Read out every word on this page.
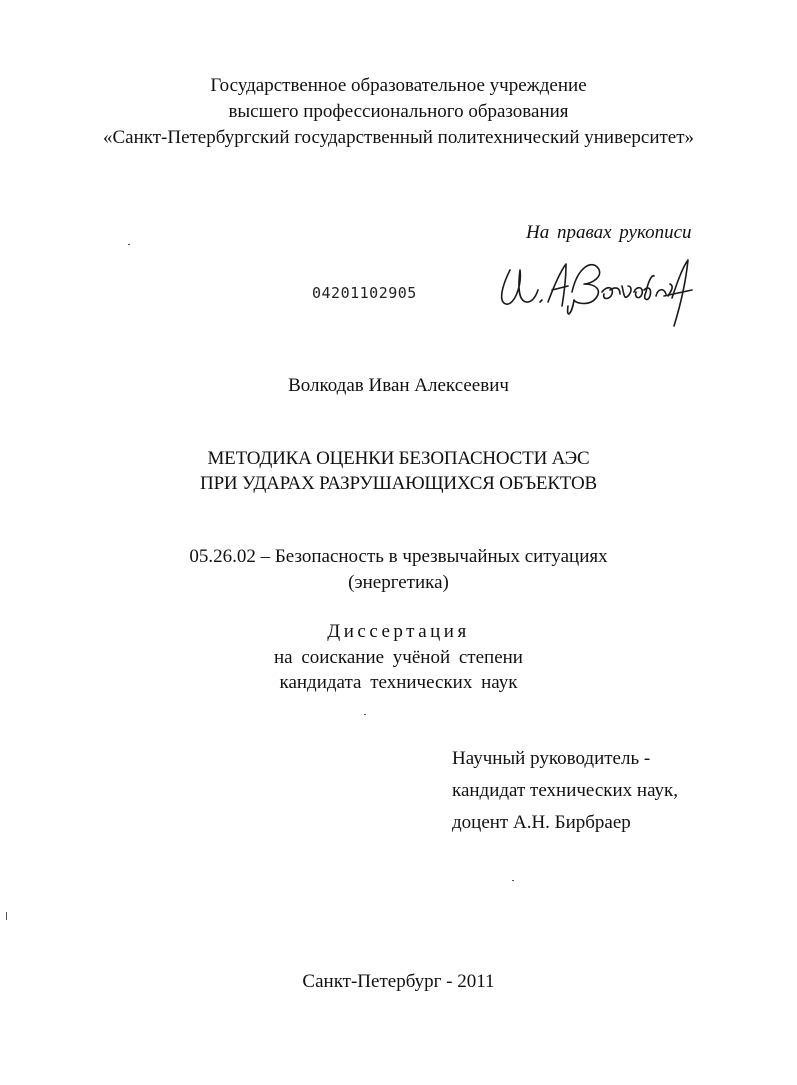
Государственное образовательное учреждение
высшего профессионального образования
«Санкт-Петербургский государственный политехнический университет»
На правах рукописи
04201102905
Волкодав Иван Алексеевич
МЕТОДИКА ОЦЕНКИ БЕЗОПАСНОСТИ АЭС
ПРИ УДАРАХ РАЗРУШАЮЩИХСЯ ОБЪЕКТОВ
05.26.02 – Безопасность в чрезвычайных ситуациях
(энергетика)
Диссертация
на соискание учёной степени
кандидата технических наук
Научный руководитель -
кандидат технических наук,
доцент А.Н. Бирбраер
Санкт-Петербург - 2011
